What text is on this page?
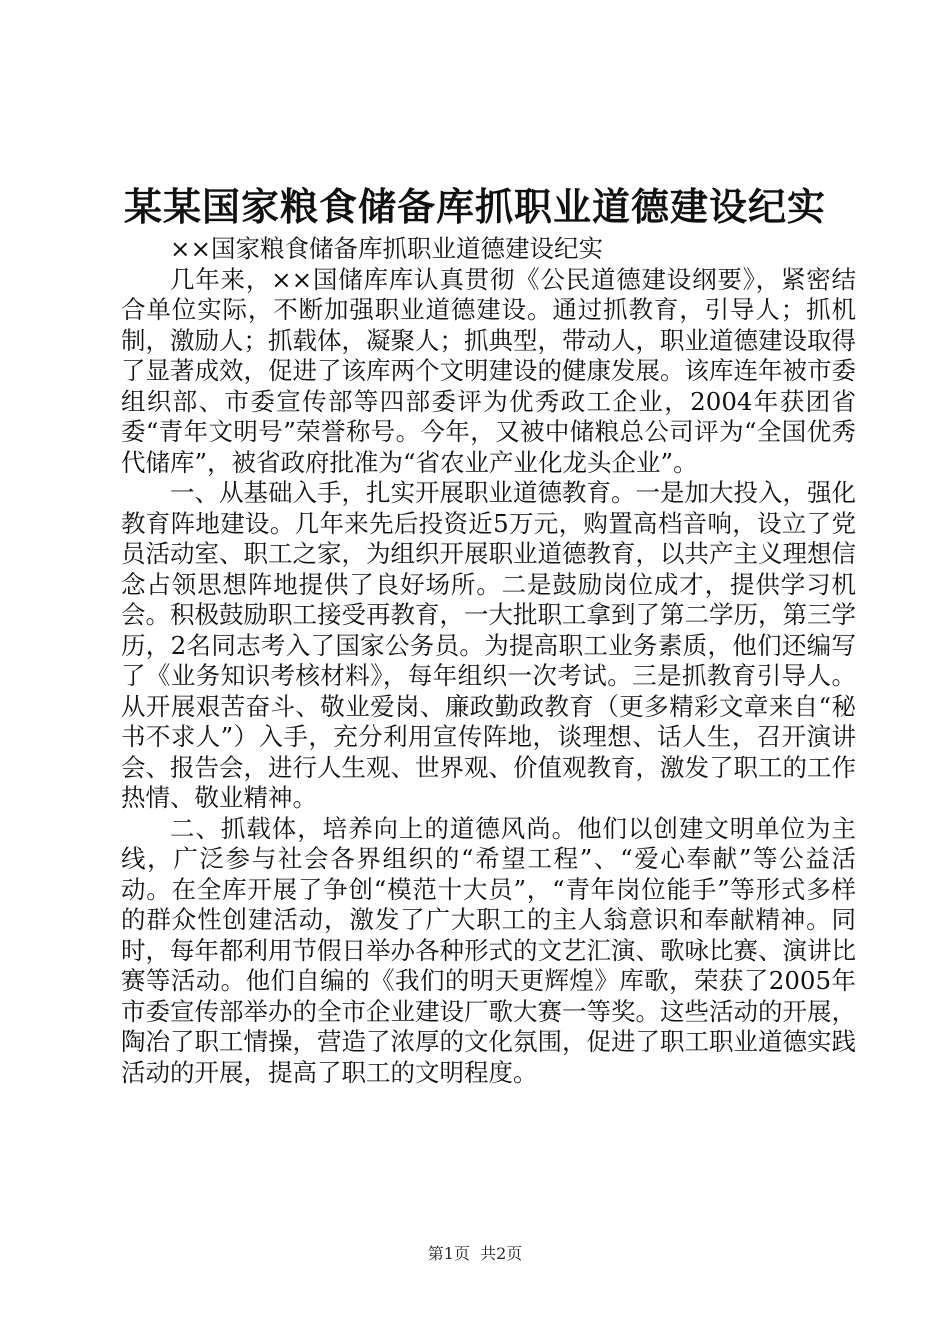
某某国家粮食储备库抓职业道德建设纪实

××国家粮食储备库抓职业道德建设纪实

几年来，××国储库库认真贯彻《公民道德建设纲要》，紧密结合单位实际，不断加强职业道德建设。通过抓教育，引导人；抓机制，激励人；抓载体，凝聚人；抓典型，带动人，职业道德建设取得了显著成效，促进了该库两个文明建设的健康发展。该库连年被市委组织部、市委宣传部等四部委评为优秀政工企业，2004年获团省委“青年文明号”荣誉称号。今年，又被中储粮总公司评为“全国优秀代储库”，被省政府批准为“省农业产业化龙头企业”。

一、从基础入手，扎实开展职业道德教育。一是加大投入，强化教育阵地建设。几年来先后投资近5万元，购置高档音响，设立了党员活动室、职工之家，为组织开展职业道德教育，以共产主义理想信念占领思想阵地提供了良好场所。二是鼓励岗位成才，提供学习机会。积极鼓励职工接受再教育，一大批职工拿到了第二学历，第三学历，2名同志考入了国家公务员。为提高职工业务素质，他们还编写了《业务知识考核材料》，每年组织一次考试。三是抓教育引导人。从开展艰苦奋斗、敬业爱岗、廉政勤政教育（更多精彩文章来自“秘书不求人”）入手，充分利用宣传阵地，谈理想、话人生，召开演讲会、报告会，进行人生观、世界观、价值观教育，激发了职工的工作热情、敬业精神。

二、抓载体，培养向上的道德风尚。他们以创建文明单位为主线，广泛参与社会各界组织的“希望工程”、“爱心奉献”等公益活动。在全库开展了争创“模范十大员”，“青年岗位能手”等形式多样的群众性创建活动，激发了广大职工的主人翁意识和奉献精神。同时，每年都利用节假日举办各种形式的文艺汇演、歌咏比赛、演讲比赛等活动。他们自编的《我们的明天更辉煌》库歌，荣获了2005年市委宣传部举办的全市企业建设厂歌大赛一等奖。这些活动的开展，陶冶了职工情操，营造了浓厚的文化氛围，促进了职工职业道德实践活动的开展，提高了职工的文明程度。

第1页  共2页
